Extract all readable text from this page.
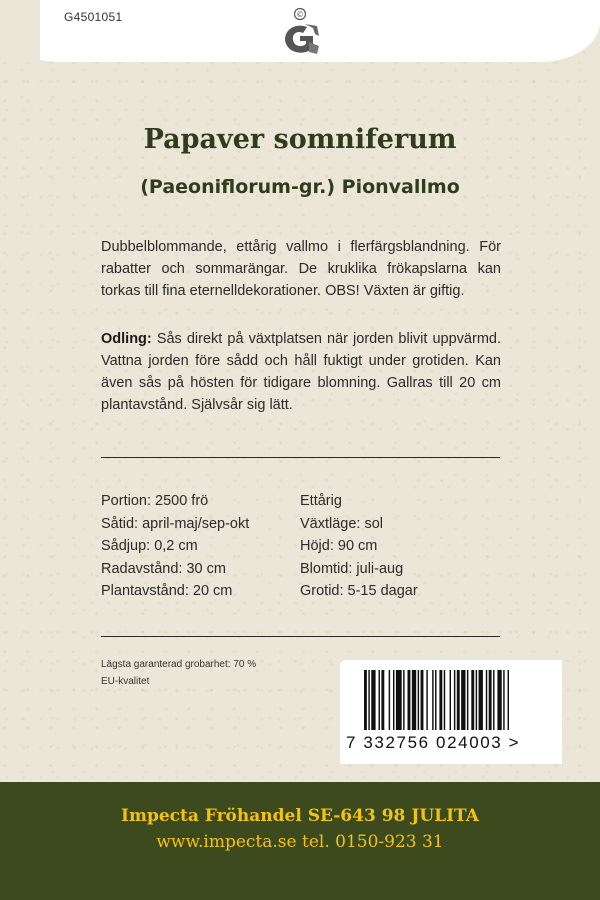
G4501051	©
Papaver somniferum
(Paeoniflorum-gr.) Pionvallmo

Dubbelblommande, ettårig vallmo i flerfärgsblandning. För rabatter och sommarängar. De kruklika frökapslarna kan torkas till fina eternelldekorationer. OBS! Växten är giftig.

Odling: Sås direkt på växtplatsen när jorden blivit uppvärmd. Vattna jorden före sådd och håll fuktigt under grotiden. Kan även sås på hösten för tidigare blomning. Gallras till 20 cm plantavstånd. Självsår sig lätt.

Portion: 2500 frö
Såtid: april-maj/sep-okt
Sådjup: 0,2 cm
Radavstånd: 30 cm
Plantavstånd: 20 cm
Ettårig
Växtläge: sol
Höjd: 90 cm
Blomtid: juli-aug
Grotid: 5-15 dagar
Lägsta garanterad grobarhet: 70 %
EU-kvalitet
7 332756 024003 >
Impecta Fröhandel SE-643 98 JULITA
www.impecta.se tel. 0150-923 31
